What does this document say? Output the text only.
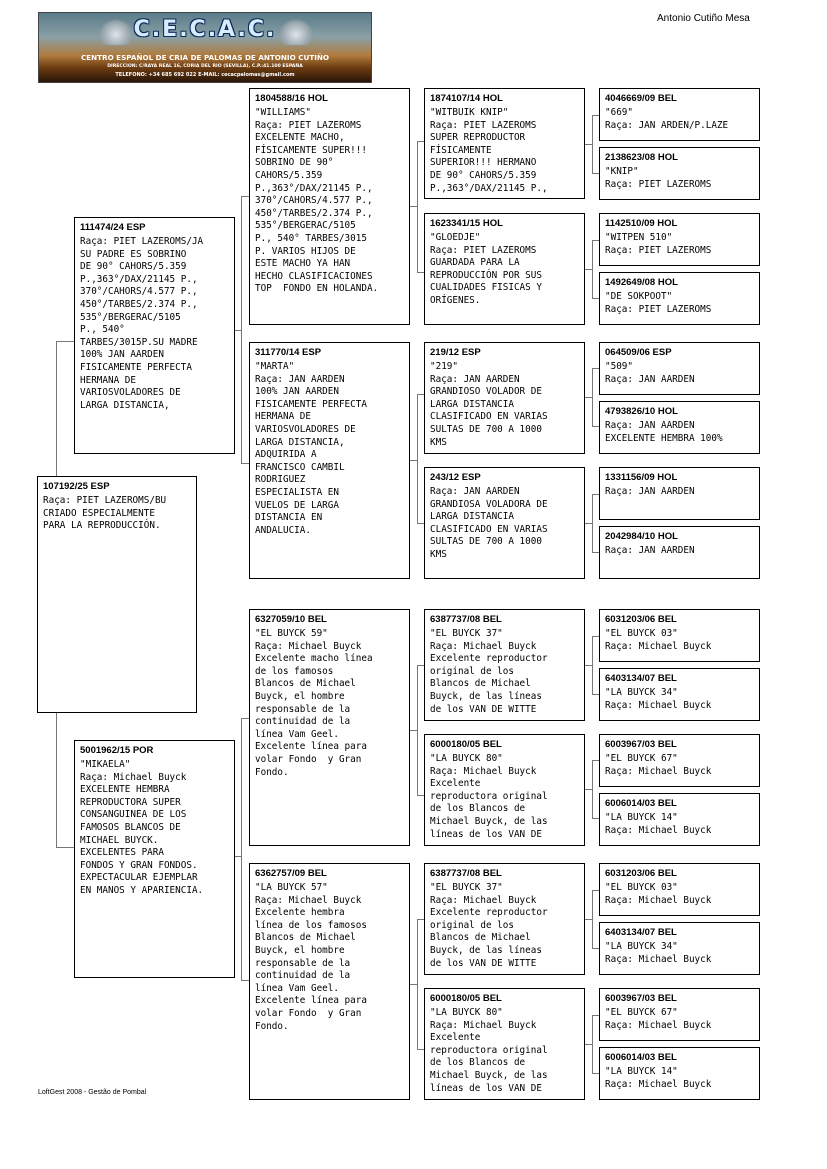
C.E.C.A.C.
CENTRO ESPAÑOL DE CRIA DE PALOMAS DE ANTONIO CUTIÑO
DIRECCION: C/RAYA REAL 16, CORIA DEL RIO (SEVILLA), C.P.:41.100 ESPAÑA
TELEFONO: +34 685 692 022 E-MAIL: cecacpalomas@gmail.com
Antonio Cutiño Mesa
107192/25 ESP
Raça: PIET LAZEROMS/BU
CRIADO ESPECIALMENTE
PARA LA REPRODUCCIÓN.
111474/24 ESP
Raça: PIET LAZEROMS/JA
SU PADRE ES SOBRINO
DE 90° CAHORS/5.359
P.,363°/DAX/21145 P.,
370°/CAHORS/4.577 P.,
450°/TARBES/2.374 P.,
535°/BERGERAC/5105
P., 540°
TARBES/3015P.SU MADRE
100% JAN AARDEN
FISICAMENTE PERFECTA
HERMANA DE
VARIOSVOLADORES DE
LARGA DISTANCIA,
5001962/15 POR
"MIKAELA"
Raça: Michael Buyck
EXCELENTE HEMBRA
REPRODUCTORA SUPER
CONSANGUINEA DE LOS
FAMOSOS BLANCOS DE
MICHAEL BUYCK.
EXCELENTES PARA
FONDOS Y GRAN FONDOS.
EXPECTACULAR EJEMPLAR
EN MANOS Y APARIENCIA.
1804588/16 HOL
"WILLIAMS"
Raça: PIET LAZEROMS
EXCELENTE MACHO,
FÍSICAMENTE SUPER!!!
SOBRINO DE 90°
CAHORS/5.359
P.,363°/DAX/21145 P.,
370°/CAHORS/4.577 P.,
450°/TARBES/2.374 P.,
535°/BERGERAC/5105
P., 540° TARBES/3015
P. VARIOS HIJOS DE
ESTE MACHO YA HAN
HECHO CLASIFICACIONES
TOP  FONDO EN HOLANDA.
311770/14 ESP
"MARTA"
Raça: JAN AARDEN
100% JAN AARDEN
FISICAMENTE PERFECTA
HERMANA DE
VARIOSVOLADORES DE
LARGA DISTANCIA,
ADQUIRIDA A
FRANCISCO CAMBIL
RODRIGUEZ
ESPECIALISTA EN
VUELOS DE LARGA
DISTANCIA EN
ANDALUCIA.
6327059/10 BEL
"EL BUYCK 59"
Raça: Michael Buyck
Excelente macho línea
de los famosos
Blancos de Michael
Buyck, el hombre
responsable de la
continuidad de la
línea Vam Geel.
Excelente línea para
volar Fondo  y Gran
Fondo.
6362757/09 BEL
"LA BUYCK 57"
Raça: Michael Buyck
Excelente hembra
línea de los famosos
Blancos de Michael
Buyck, el hombre
responsable de la
continuidad de la
línea Vam Geel.
Excelente línea para
volar Fondo  y Gran
Fondo.
1874107/14 HOL
"WITBUIK KNIP"
Raça: PIET LAZEROMS
SUPER REPRODUCTOR
FÍSICAMENTE
SUPERIOR!!! HERMANO
DE 90° CAHORS/5.359
P.,363°/DAX/21145 P.,
1623341/15 HOL
"GLOEDJE"
Raça: PIET LAZEROMS
GUARDADA PARA LA
REPRODUCCIÓN POR SUS
CUALIDADES FISICAS Y
ORÍGENES.
219/12 ESP
"219"
Raça: JAN AARDEN
GRANDIOSO VOLADOR DE
LARGA DISTANCIA
CLASIFICADO EN VARIAS
SULTAS DE 700 A 1000
KMS
243/12 ESP
Raça: JAN AARDEN
GRANDIOSA VOLADORA DE
LARGA DISTANCIA
CLASIFICADO EN VARIAS
SULTAS DE 700 A 1000
KMS
6387737/08 BEL
"EL BUYCK 37"
Raça: Michael Buyck
Excelente reproductor
original de los
Blancos de Michael
Buyck, de las líneas
de los VAN DE WITTE
6000180/05 BEL
"LA BUYCK 80"
Raça: Michael Buyck
Excelente
reproductora original
de los Blancos de
Michael Buyck, de las
líneas de los VAN DE
6387737/08 BEL
"EL BUYCK 37"
Raça: Michael Buyck
Excelente reproductor
original de los
Blancos de Michael
Buyck, de las líneas
de los VAN DE WITTE
6000180/05 BEL
"LA BUYCK 80"
Raça: Michael Buyck
Excelente
reproductora original
de los Blancos de
Michael Buyck, de las
líneas de los VAN DE
4046669/09 BEL
"669"
Raça: JAN ARDEN/P.LAZE
2138623/08 HOL
"KNIP"
Raça: PIET LAZEROMS
1142510/09 HOL
"WITPEN 510"
Raça: PIET LAZEROMS
1492649/08 HOL
"DE SOKPOOT"
Raça: PIET LAZEROMS
064509/06 ESP
"509"
Raça: JAN AARDEN
4793826/10 HOL
Raça: JAN AARDEN
EXCELENTE HEMBRA 100%
1331156/09 HOL
Raça: JAN AARDEN
2042984/10 HOL
Raça: JAN AARDEN
6031203/06 BEL
"EL BUYCK 03"
Raça: Michael Buyck
6403134/07 BEL
"LA BUYCK 34"
Raça: Michael Buyck
6003967/03 BEL
"EL BUYCK 67"
Raça: Michael Buyck
6006014/03 BEL
"LA BUYCK 14"
Raça: Michael Buyck
6031203/06 BEL
"EL BUYCK 03"
Raça: Michael Buyck
6403134/07 BEL
"LA BUYCK 34"
Raça: Michael Buyck
6003967/03 BEL
"EL BUYCK 67"
Raça: Michael Buyck
6006014/03 BEL
"LA BUYCK 14"
Raça: Michael Buyck
LoftGest 2008 - Gestão de Pombal
